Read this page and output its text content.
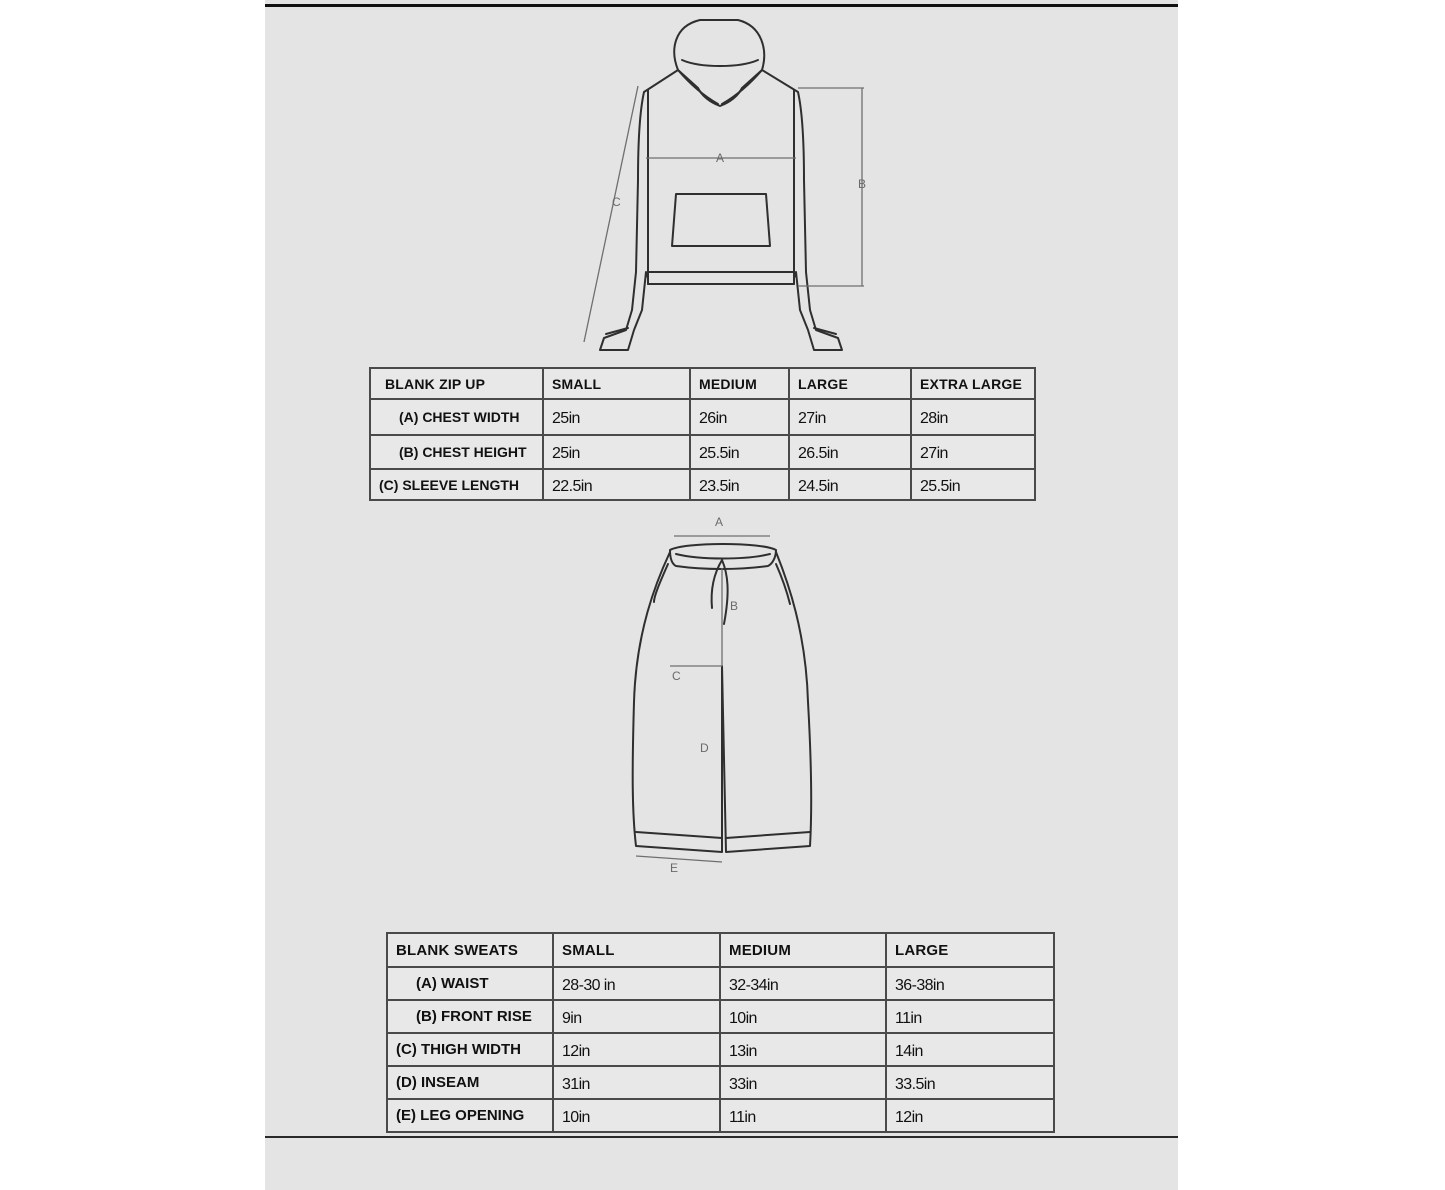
A
B
C
BLANK ZIP UP	SMALL	MEDIUM	LARGE	EXTRA LARGE
(A) CHEST WIDTH	25in	26in	27in	28in
(B) CHEST HEIGHT	25in	25.5in	26.5in	27in
(C) SLEEVE LENGTH	22.5in	23.5in	24.5in	25.5in
A
B
C
D
E
BLANK SWEATS	SMALL	MEDIUM	LARGE
(A) WAIST	28-30 in	32-34in	36-38in
(B) FRONT RISE	9in	10in	11in
(C) THIGH WIDTH	12in	13in	14in
(D) INSEAM	31in	33in	33.5in
(E) LEG OPENING	10in	11in	12in
